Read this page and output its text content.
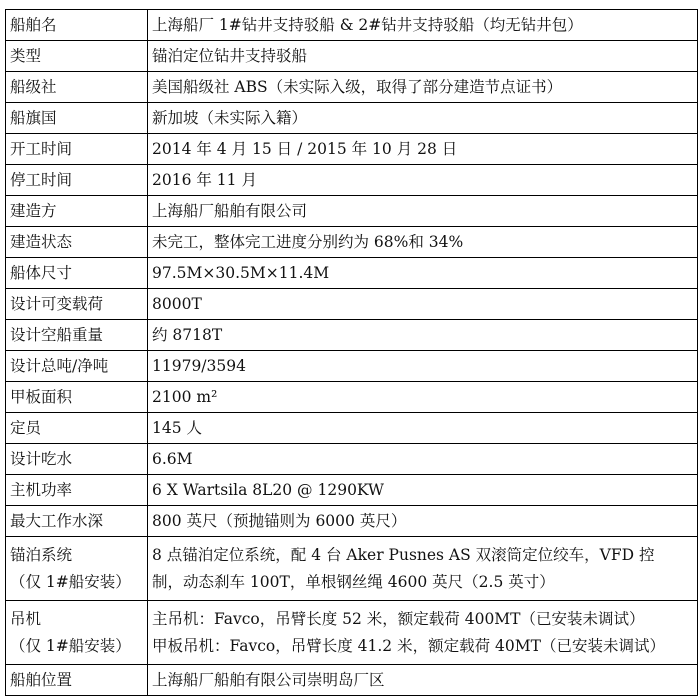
船舶名	上海船厂 1#钻井支持驳船 & 2#钻井支持驳船（均无钻井包）
类型	锚泊定位钻井支持驳船
船级社	美国船级社 ABS（未实际入级，取得了部分建造节点证书）
船旗国	新加坡（未实际入籍）
开工时间	2014 年 4 月 15 日 / 2015 年 10 月 28 日
停工时间	2016 年 11 月
建造方	上海船厂船舶有限公司
建造状态	未完工，整体完工进度分别约为 68%和 34%
船体尺寸	97.5M×30.5M×11.4M
设计可变载荷	8000T
设计空船重量	约 8718T
设计总吨/净吨	11979/3594
甲板面积	2100 m²
定员	145 人
设计吃水	6.6M
主机功率	6 X Wartsila 8L20 @ 1290KW
最大工作水深	800 英尺（预抛锚则为 6000 英尺）

锚泊系统
（仅 1#船安装）	8 点锚泊定位系统，配 4 台 Aker Pusnes AS 双滚筒定位绞车，VFD 控
制，动态刹车 100T，单根钢丝绳 4600 英尺（2.5 英寸）

吊机
（仅 1#船安装）	主吊机：Favco，吊臂长度 52 米，额定载荷 400MT（已安装未调试）
甲板吊机：Favco，吊臂长度 41.2 米，额定载荷 40MT（已安装未调试）

船舶位置	上海船厂船舶有限公司崇明岛厂区
